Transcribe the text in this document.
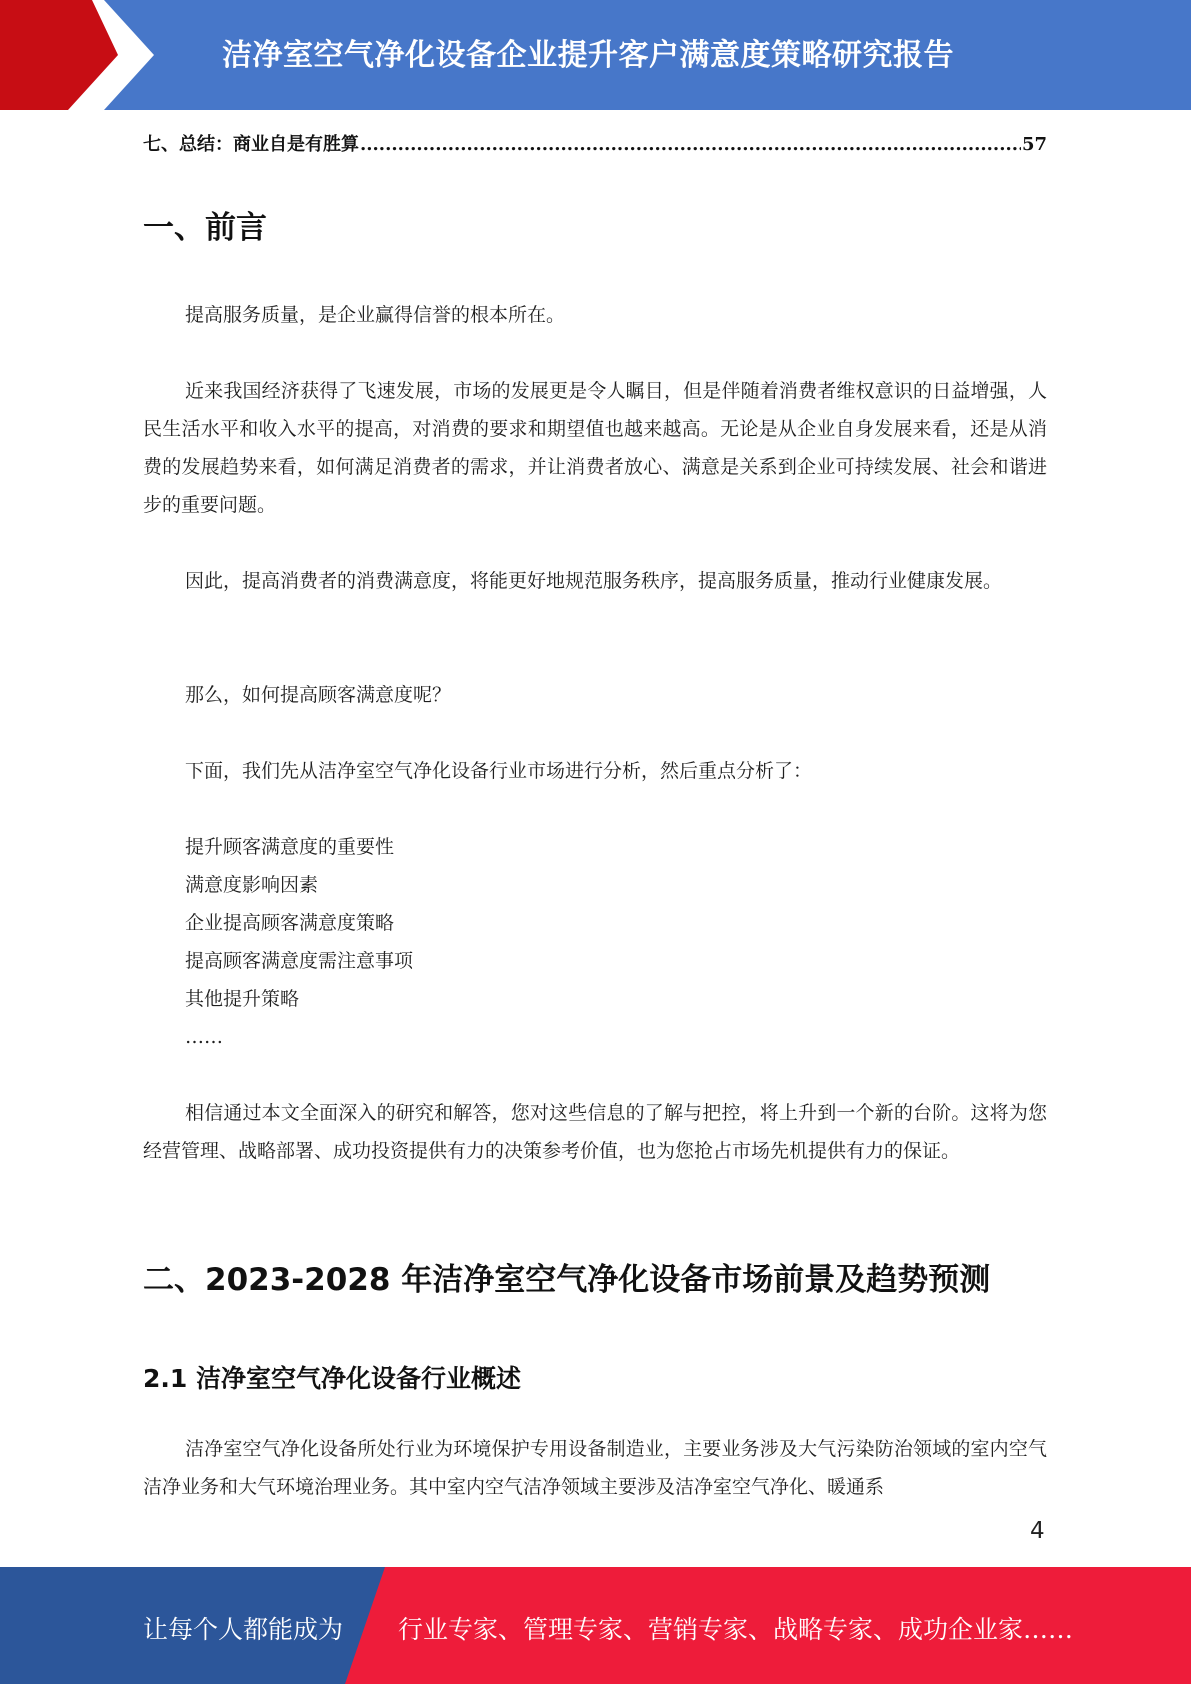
洁净室空气净化设备企业提升客户满意度策略研究报告
七、总结：商业自是有胜算
.....	57
一、前言

提高服务质量，是企业赢得信誉的根本所在。

近来我国经济获得了飞速发展，市场的发展更是令人瞩目，但是伴随着消费者维权意识的日益增强，人民生活水平和收入水平的提高，对消费的要求和期望值也越来越高。无论是从企业自身发展来看，还是从消费的发展趋势来看，如何满足消费者的需求，并让消费者放心、满意是关系到企业可持续发展、社会和谐进步的重要问题。

因此，提高消费者的消费满意度，将能更好地规范服务秩序，提高服务质量，推动行业健康发展。

那么，如何提高顾客满意度呢？

下面，我们先从洁净室空气净化设备行业市场进行分析，然后重点分析了：

提升顾客满意度的重要性
满意度影响因素
企业提高顾客满意度策略
提高顾客满意度需注意事项
其他提升策略
……

相信通过本文全面深入的研究和解答，您对这些信息的了解与把控，将上升到一个新的台阶。这将为您经营管理、战略部署、成功投资提供有力的决策参考价值，也为您抢占市场先机提供有力的保证。

二、2023-2028 年洁净室空气净化设备市场前景及趋势预测
2.1 洁净室空气净化设备行业概述

洁净室空气净化设备所处行业为环境保护专用设备制造业，主要业务涉及大气污染防治领域的室内空气洁净业务和大气环境治理业务。其中室内空气洁净领域主要涉及洁净室空气净化、暖通系

4
让每个人都能成为 行业专家、管理专家、营销专家、战略专家、成功企业家……
